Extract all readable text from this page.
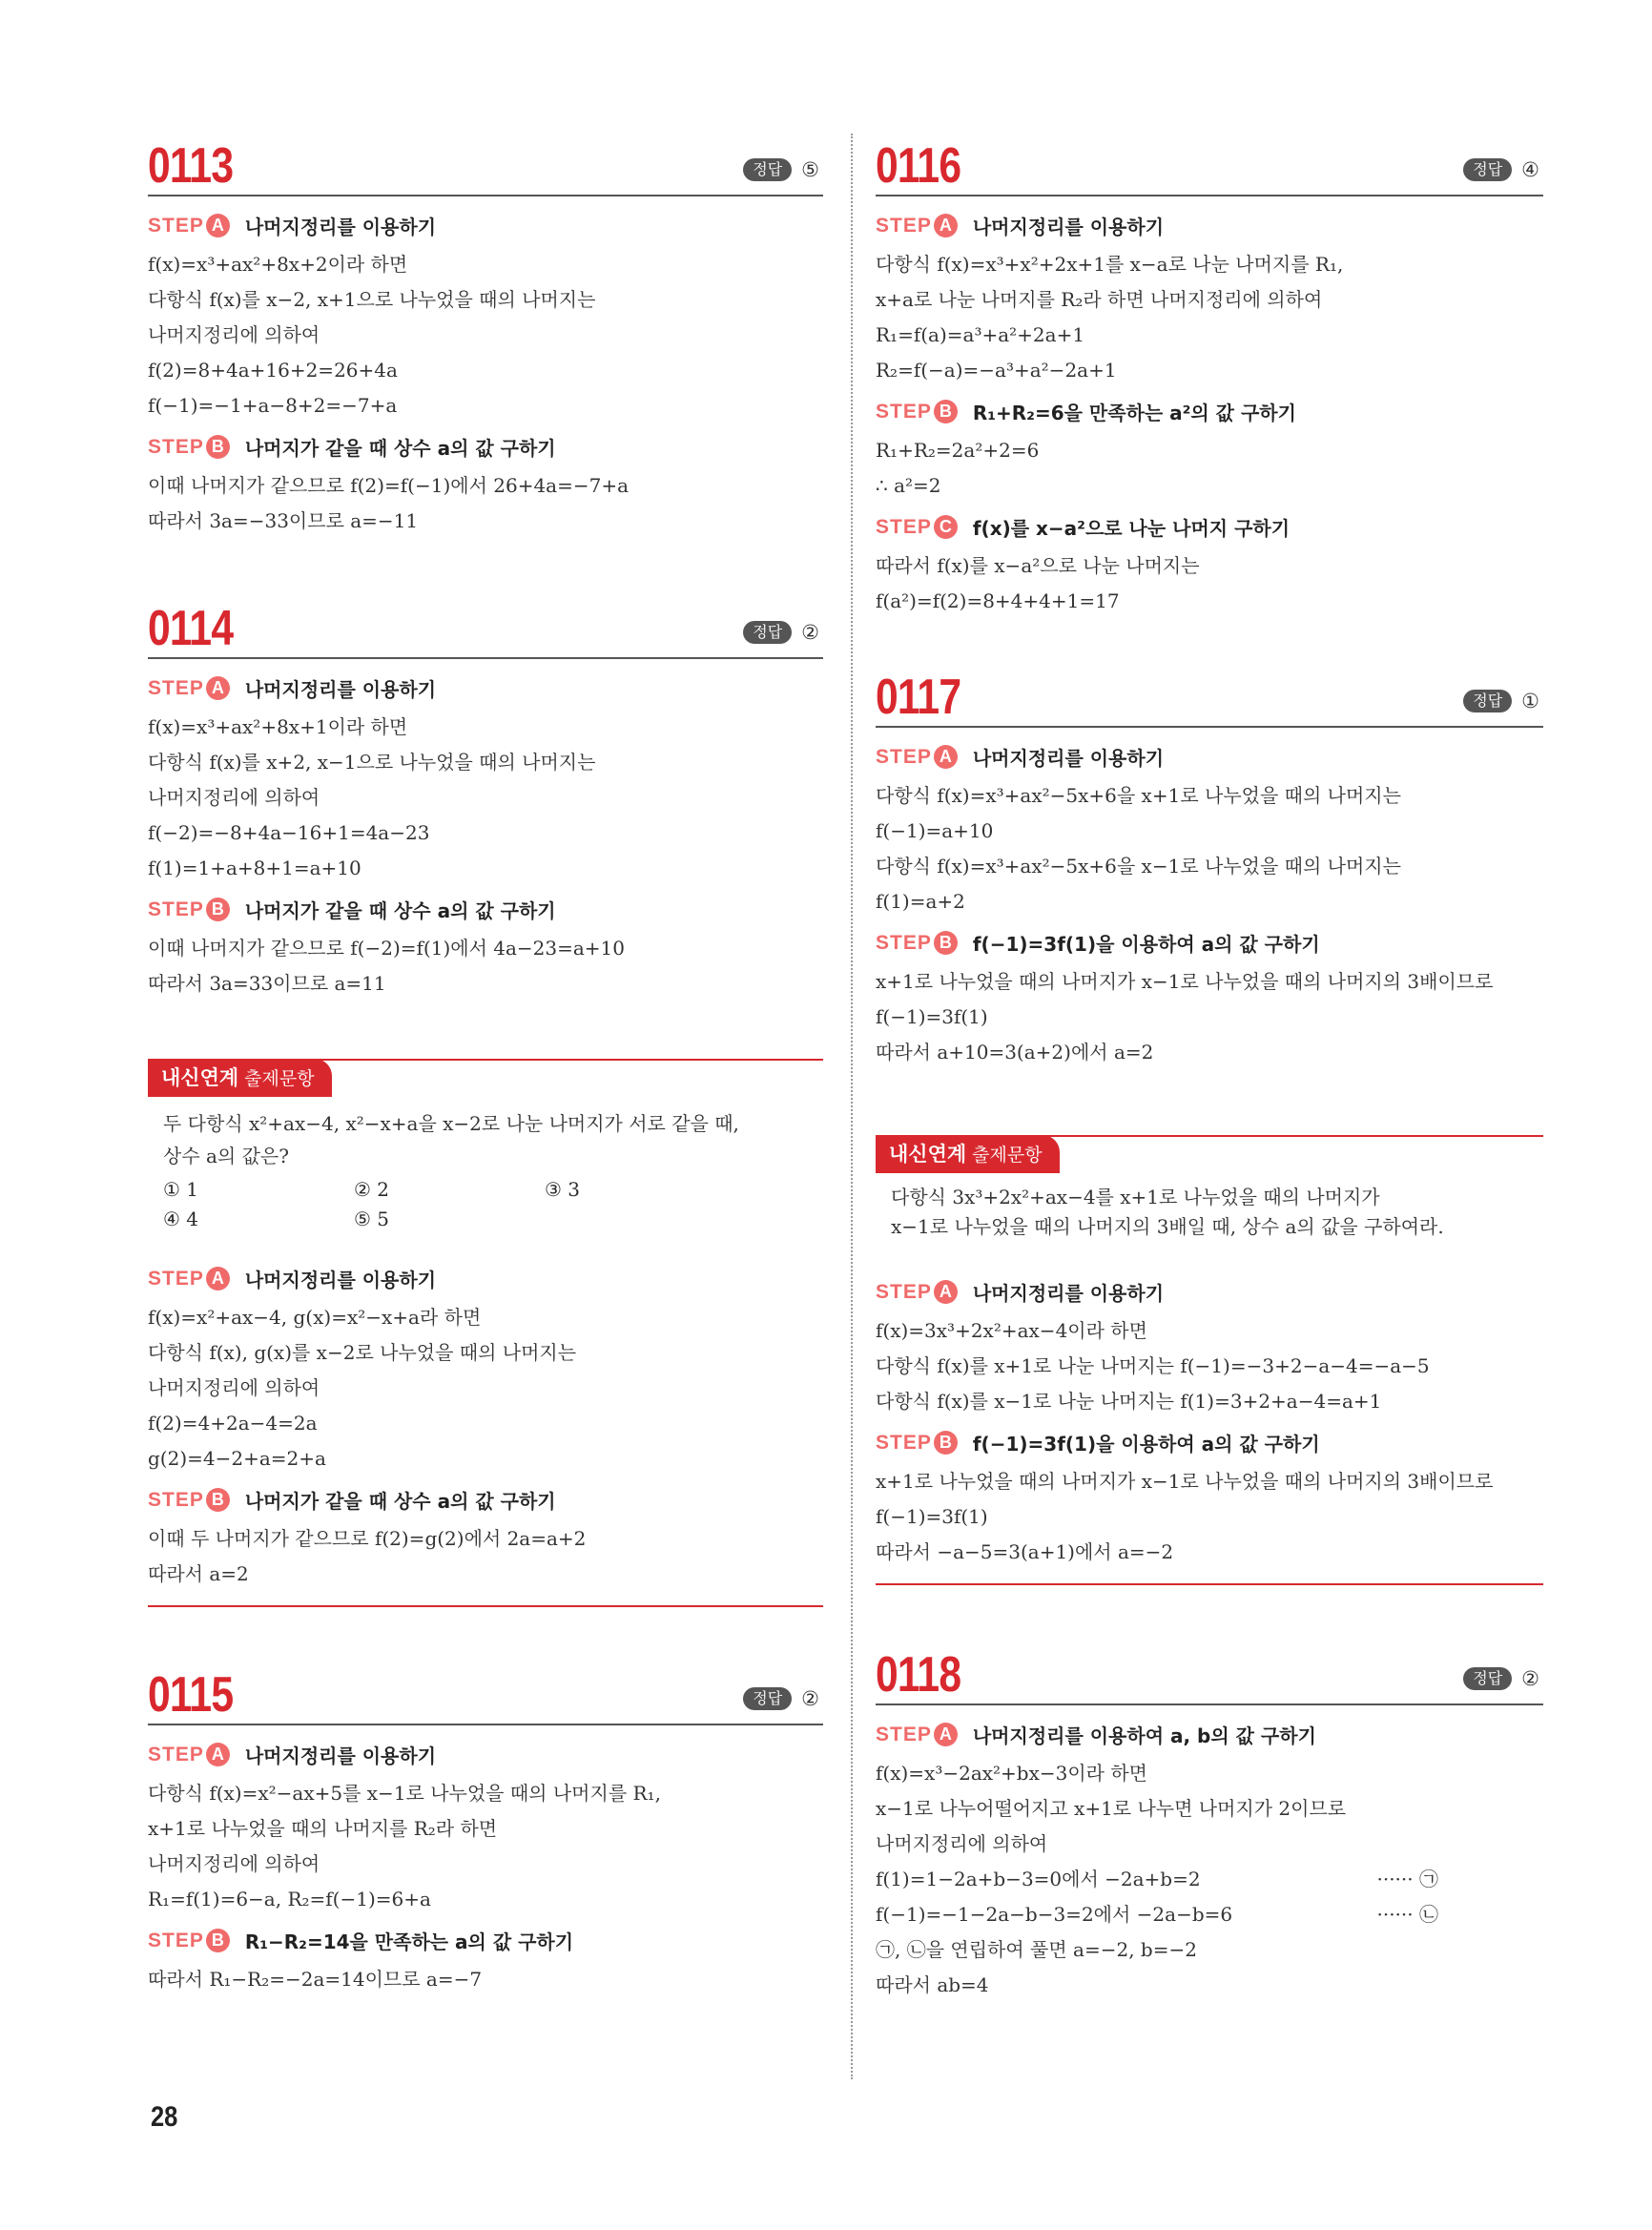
0113	정답 ⑤
STEP A	나머지정리를 이용하기
f(x)=x³+ax²+8x+2이라 하면
다항식 f(x)를 x−2, x+1으로 나누었을 때의 나머지는
나머지정리에 의하여
f(2)=8+4a+16+2=26+4a
f(−1)=−1+a−8+2=−7+a
STEP B	나머지가 같을 때 상수 a의 값 구하기
이때 나머지가 같으므로 f(2)=f(−1)에서 26+4a=−7+a
따라서 3a=−33이므로 a=−11
0114	정답 ②
STEP A	나머지정리를 이용하기
f(x)=x³+ax²+8x+1이라 하면
다항식 f(x)를 x+2, x−1으로 나누었을 때의 나머지는
나머지정리에 의하여
f(−2)=−8+4a−16+1=4a−23
f(1)=1+a+8+1=a+10
STEP B	나머지가 같을 때 상수 a의 값 구하기
이때 나머지가 같으므로 f(−2)=f(1)에서 4a−23=a+10
따라서 3a=33이므로 a=11
내신연계 출제문항
두 다항식 x²+ax−4, x²−x+a을 x−2로 나눈 나머지가 서로 같을 때,
상수 a의 값은?
① 1	② 2	③ 3
④ 4	⑤ 5
STEP A	나머지정리를 이용하기
f(x)=x²+ax−4, g(x)=x²−x+a라 하면
다항식 f(x), g(x)를 x−2로 나누었을 때의 나머지는
나머지정리에 의하여
f(2)=4+2a−4=2a
g(2)=4−2+a=2+a
STEP B	나머지가 같을 때 상수 a의 값 구하기
이때 두 나머지가 같으므로 f(2)=g(2)에서 2a=a+2
따라서 a=2
0115	정답 ②
STEP A	나머지정리를 이용하기
다항식 f(x)=x²−ax+5를 x−1로 나누었을 때의 나머지를 R₁,
x+1로 나누었을 때의 나머지를 R₂라 하면
나머지정리에 의하여
R₁=f(1)=6−a, R₂=f(−1)=6+a
STEP B	R₁−R₂=14을 만족하는 a의 값 구하기
따라서 R₁−R₂=−2a=14이므로 a=−7
0116	정답 ④
STEP A	나머지정리를 이용하기
다항식 f(x)=x³+x²+2x+1를 x−a로 나눈 나머지를 R₁,
x+a로 나눈 나머지를 R₂라 하면 나머지정리에 의하여
R₁=f(a)=a³+a²+2a+1
R₂=f(−a)=−a³+a²−2a+1
STEP B	R₁+R₂=6을 만족하는 a²의 값 구하기
R₁+R₂=2a²+2=6
∴ a²=2
STEP C	f(x)를 x−a²으로 나눈 나머지 구하기
따라서 f(x)를 x−a²으로 나눈 나머지는
f(a²)=f(2)=8+4+4+1=17
0117	정답 ①
STEP A	나머지정리를 이용하기
다항식 f(x)=x³+ax²−5x+6을 x+1로 나누었을 때의 나머지는
f(−1)=a+10
다항식 f(x)=x³+ax²−5x+6을 x−1로 나누었을 때의 나머지는
f(1)=a+2
STEP B	f(−1)=3f(1)을 이용하여 a의 값 구하기
x+1로 나누었을 때의 나머지가 x−1로 나누었을 때의 나머지의 3배이므로
f(−1)=3f(1)
따라서 a+10=3(a+2)에서 a=2
내신연계 출제문항
다항식 3x³+2x²+ax−4를 x+1로 나누었을 때의 나머지가
x−1로 나누었을 때의 나머지의 3배일 때, 상수 a의 값을 구하여라.
STEP A	나머지정리를 이용하기
f(x)=3x³+2x²+ax−4이라 하면
다항식 f(x)를 x+1로 나눈 나머지는 f(−1)=−3+2−a−4=−a−5
다항식 f(x)를 x−1로 나눈 나머지는 f(1)=3+2+a−4=a+1
STEP B	f(−1)=3f(1)을 이용하여 a의 값 구하기
x+1로 나누었을 때의 나머지가 x−1로 나누었을 때의 나머지의 3배이므로
f(−1)=3f(1)
따라서 −a−5=3(a+1)에서 a=−2
0118	정답 ②
STEP A	나머지정리를 이용하여 a, b의 값 구하기
f(x)=x³−2ax²+bx−3이라 하면
x−1로 나누어떨어지고 x+1로 나누면 나머지가 2이므로
나머지정리에 의하여
f(1)=1−2a+b−3=0에서 −2a+b=2	······ ㉠
f(−1)=−1−2a−b−3=2에서 −2a−b=6	······ ㉡
㉠, ㉡을 연립하여 풀면 a=−2, b=−2
따라서 ab=4
28
